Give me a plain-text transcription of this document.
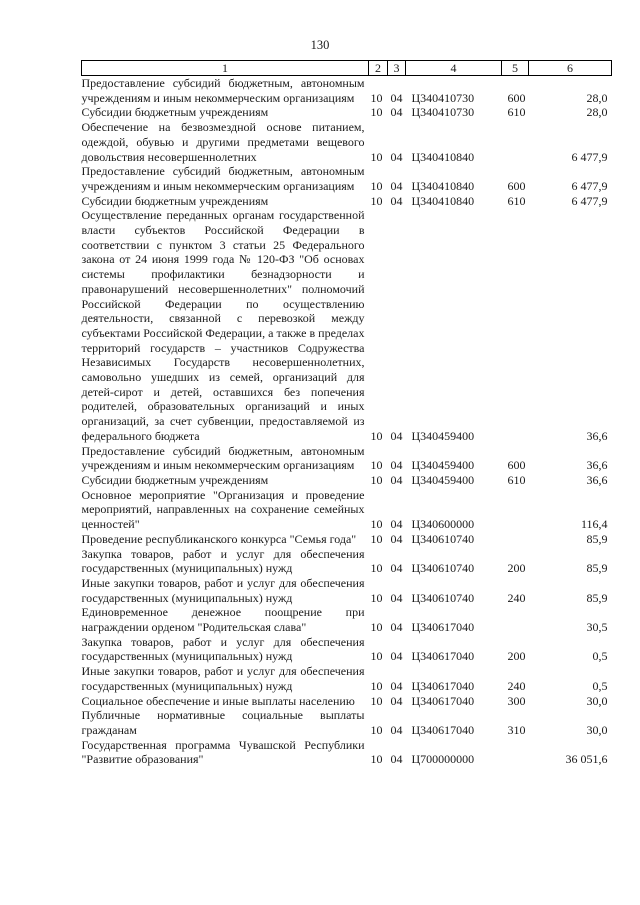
130
1	2	3	4	5	6
Предоставление субсидий бюджетным, автономным учреждениям и иным некоммерческим организациям	10	04	Ц340410730	600	28,0
Субсидии бюджетным учреждениям	10	04	Ц340410730	610	28,0
Обеспечение на безвозмездной основе питанием, одеждой, обувью и другими предметами вещевого довольствия несовершеннолетних	10	04	Ц340410840		6 477,9
Предоставление субсидий бюджетным, автономным учреждениям и иным некоммерческим организациям	10	04	Ц340410840	600	6 477,9
Субсидии бюджетным учреждениям	10	04	Ц340410840	610	6 477,9
Осуществление переданных органам государственной власти субъектов Российской Федерации в соответствии с пунктом 3 статьи 25 Федерального закона от 24 июня 1999 года № 120-ФЗ "Об основах системы профилактики безнадзорности и правонарушений несовершеннолетних" полномочий Российской Федерации по осуществлению деятельности, связанной с перевозкой между субъектами Российской Федерации, а также в пределах территорий государств – участников Содружества Независимых Государств несовершеннолетних, самовольно ушедших из семей, организаций для детей-сирот и детей, оставшихся без попечения родителей, образовательных организаций и иных организаций, за счет субвенции, предоставляемой из федерального бюджета	10	04	Ц340459400		36,6
Предоставление субсидий бюджетным, автономным учреждениям и иным некоммерческим организациям	10	04	Ц340459400	600	36,6
Субсидии бюджетным учреждениям	10	04	Ц340459400	610	36,6
Основное мероприятие "Организация и проведение мероприятий, направленных на сохранение семейных ценностей"	10	04	Ц340600000		116,4
Проведение республиканского конкурса "Семья года"	10	04	Ц340610740		85,9
Закупка товаров, работ и услуг для обеспечения государственных (муниципальных) нужд	10	04	Ц340610740	200	85,9
Иные закупки товаров, работ и услуг для обеспечения государственных (муниципальных) нужд	10	04	Ц340610740	240	85,9
Единовременное денежное поощрение при награждении орденом "Родительская слава"	10	04	Ц340617040		30,5
Закупка товаров, работ и услуг для обеспечения государственных (муниципальных) нужд	10	04	Ц340617040	200	0,5
Иные закупки товаров, работ и услуг для обеспечения государственных (муниципальных) нужд	10	04	Ц340617040	240	0,5
Социальное обеспечение и иные выплаты населению	10	04	Ц340617040	300	30,0
Публичные нормативные социальные выплаты гражданам	10	04	Ц340617040	310	30,0
Государственная программа Чувашской Республики "Развитие образования"	10	04	Ц700000000		36 051,6
